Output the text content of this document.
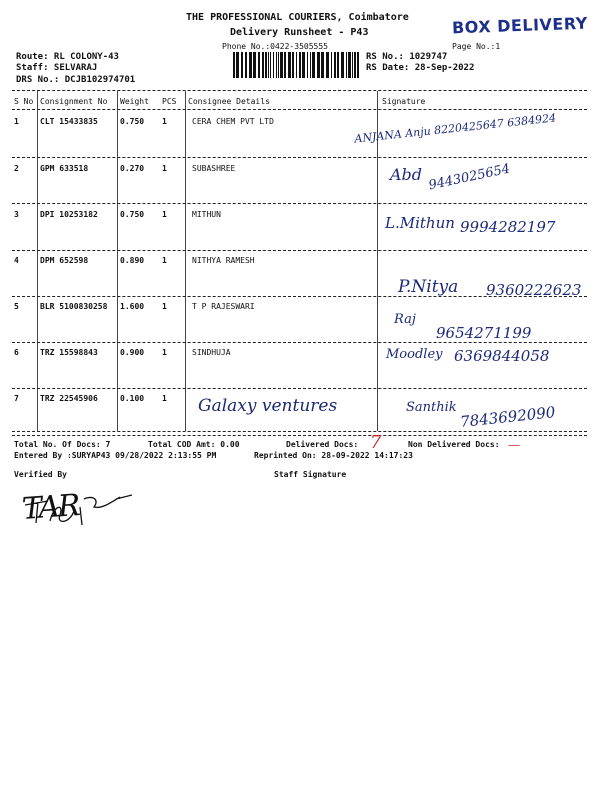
THE PROFESSIONAL COURIERS, Coimbatore
Delivery Runsheet - P43	BOX DELIVERY
Phone No.:0422-3505555	Page No.:1
Route: RL COLONY-43
Staff: SELVARAJ
DRS No.: DCJB102974701
RS No.: 1029747
RS Date: 28-Sep-2022
S No Consignment No Weight PCS Consignee Details	Signature
1	CLT 15433835	0.750 1	CERA CHEM PVT LTD	ANJANA Anju 8220425647 6384924
2	GPM 633518	0.270 1	SUBASHREE	Abd 9443025654
3	DPI 10253182	0.750 1	MITHUN	L.Mithun 9994282197
4	DPM 652598	0.890 1	NITHYA RAMESH
P.Nitya 9360222623
5	BLR 5100830258 1.600 1	T P RAJESWARI
Raj
9654271199
6	TRZ 15598843	0.900 1	SINDHUJA	Moodley 6369844058
7	TRZ 22545906	0.100 1 Galaxy ventures	Santhik 7843692090
Total No. Of Docs: 7	Total COD Amt: 0.00	Delivered Docs: 7	Non Delivered Docs: —
Entered By :SURYAP43 09/28/2022 2:13:55 PM	Reprinted On: 28-09-2022 14:17:23
Verified By	Staff Signature
TAR
